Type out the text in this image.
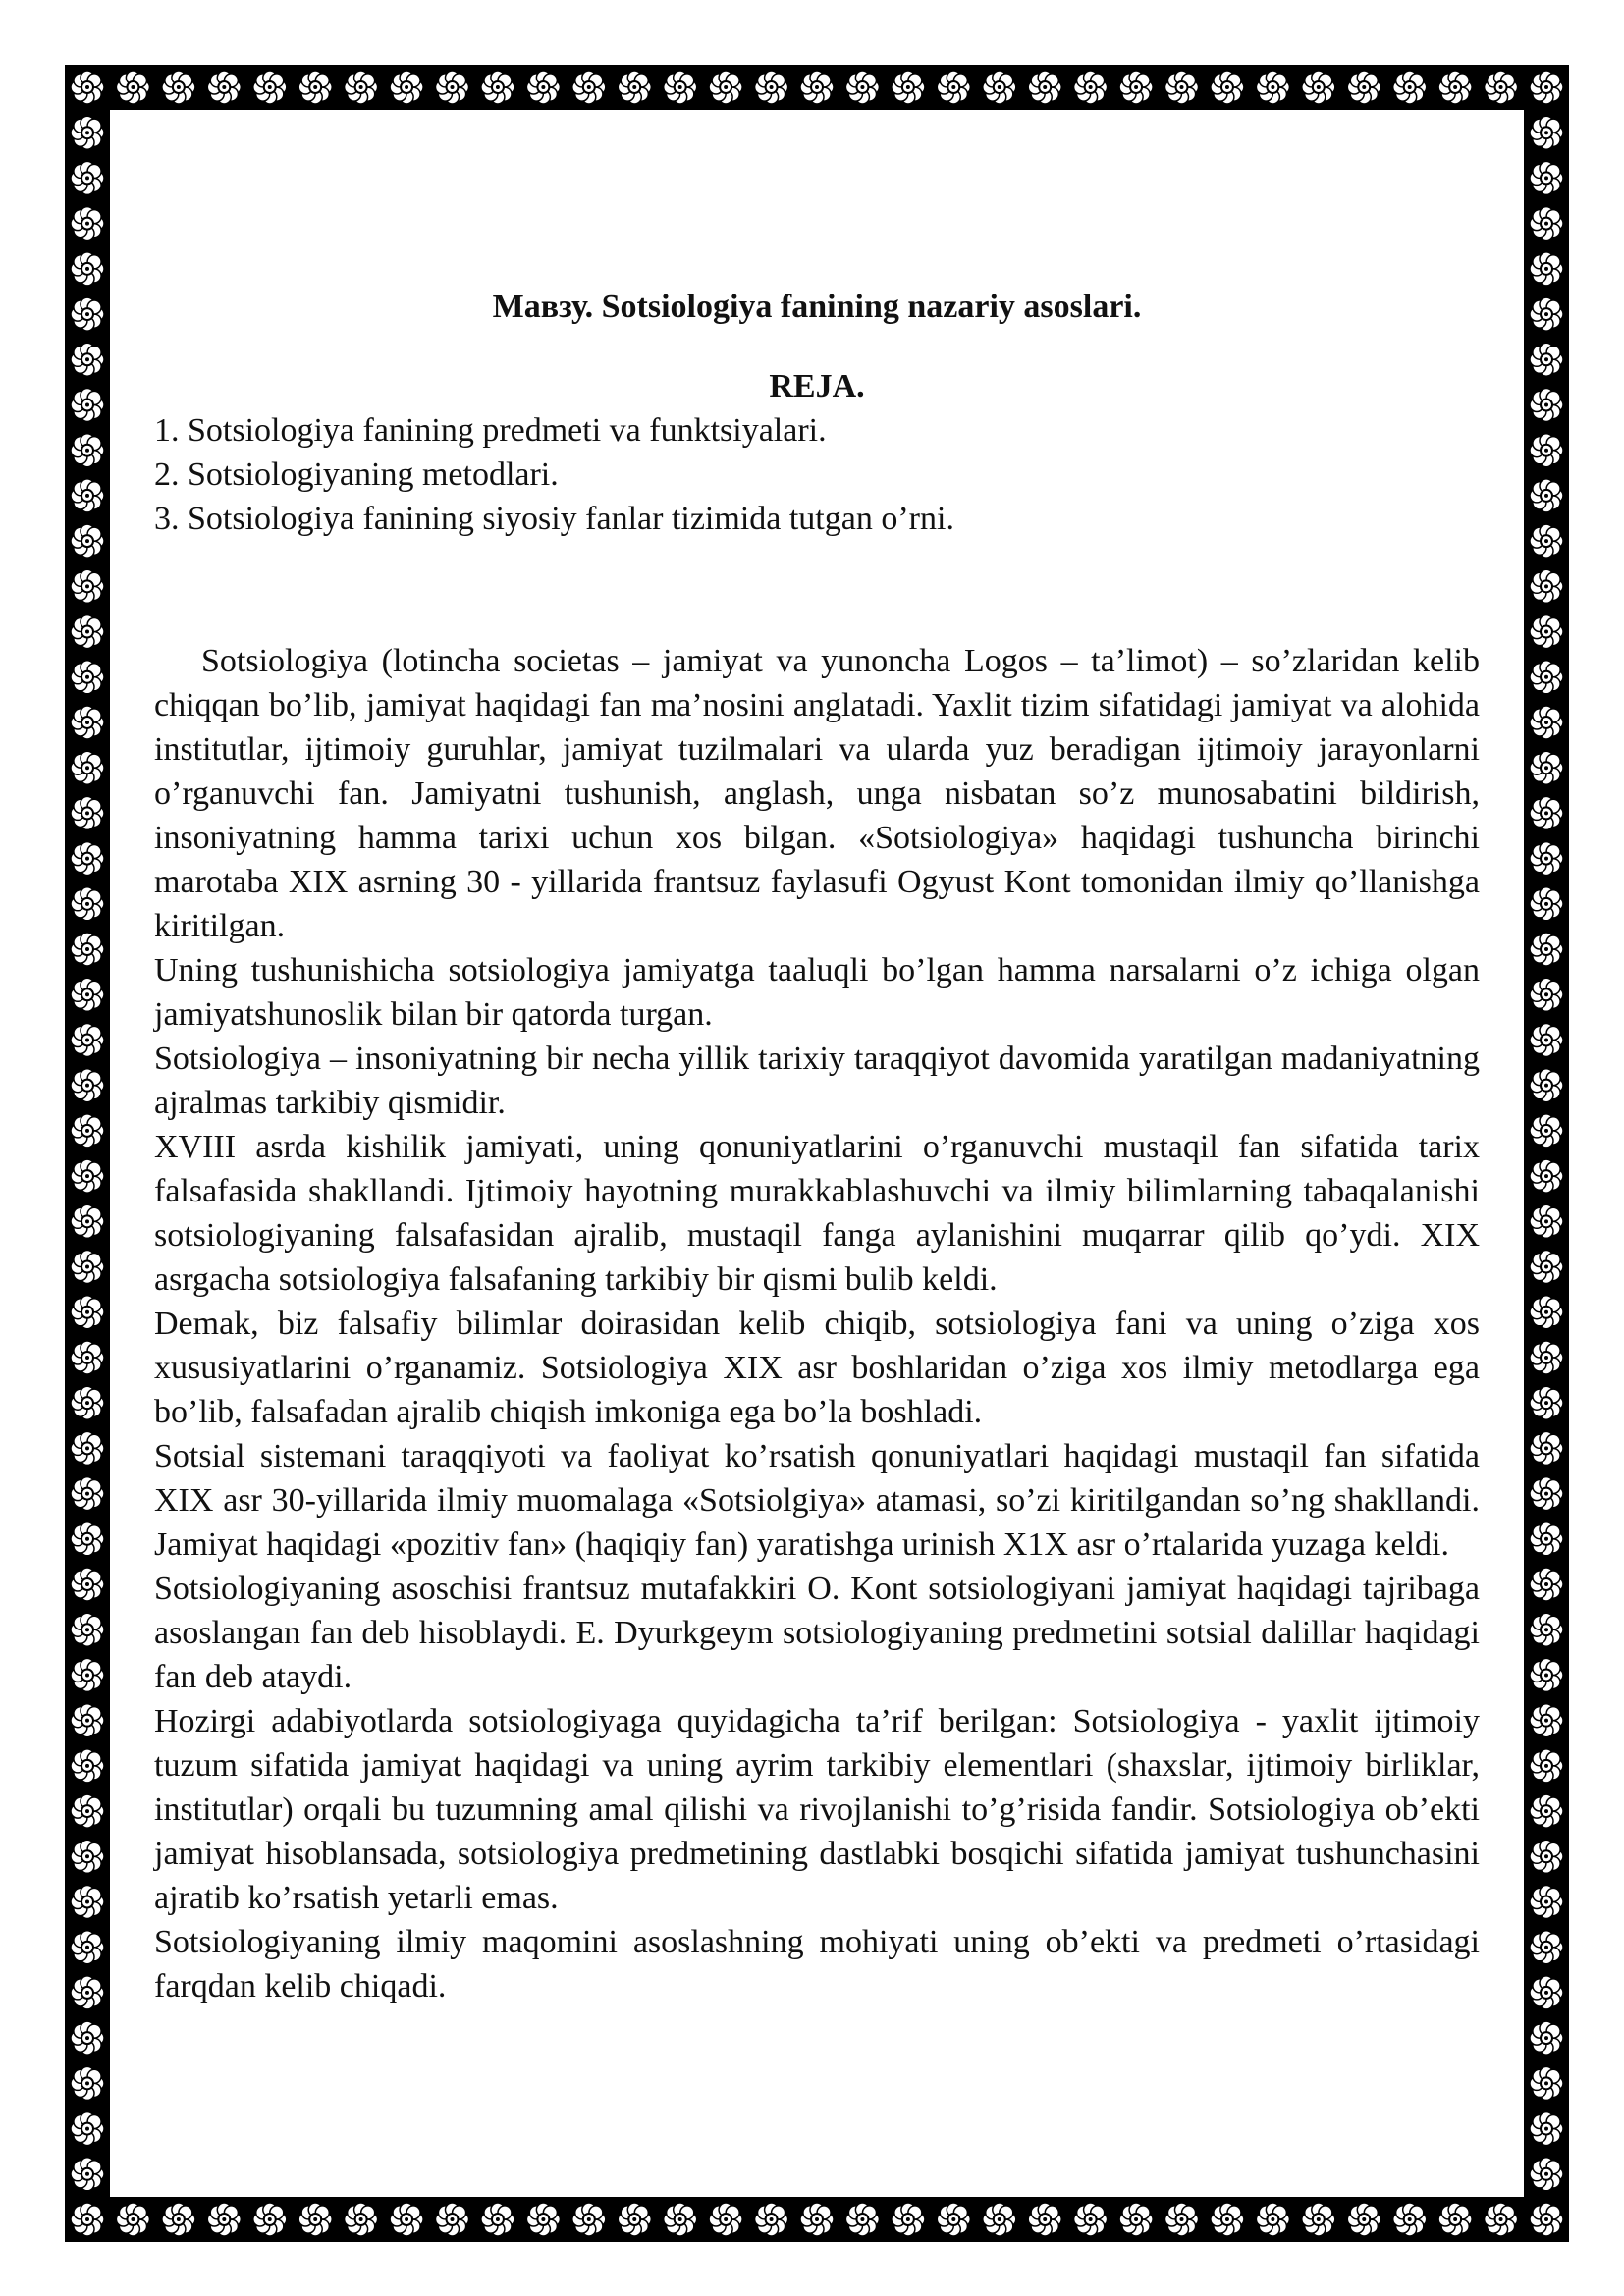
Мавзу. Sotsiologiya fanining nazariy asoslari.

REJA.

1. Sotsiologiya fanining predmeti va funktsiyalari.
2. Sotsiologiyaning metodlari.
3. Sotsiologiya fanining siyosiy fanlar tizimida tutgan o’rni.

Sotsiologiya (lotincha societas – jamiyat va yunoncha Logos – ta’limot) – so’zlaridan kelib chiqqan bo’lib, jamiyat haqidagi fan ma’nosini anglatadi. Yaxlit tizim sifatidagi jamiyat va alohida institutlar, ijtimoiy guruhlar, jamiyat tuzilmalari va ularda yuz beradigan ijtimoiy jarayonlarni o’rganuvchi fan. Jamiyatni tushunish, anglash, unga nisbatan so’z munosabatini bildirish, insoniyatning hamma tarixi uchun xos bilgan. «Sotsiologiya» haqidagi tushuncha birinchi marotaba XIX asrning 30 - yillarida frantsuz faylasufi Ogyust Kont tomonidan ilmiy qo’llanishga kiritilgan.

Uning tushunishicha sotsiologiya jamiyatga taaluqli bo’lgan hamma narsalarni o’z ichiga olgan jamiyatshunoslik bilan bir qatorda turgan.

Sotsiologiya – insoniyatning bir necha yillik tarixiy taraqqiyot davomida yaratilgan madaniyatning ajralmas tarkibiy qismidir.

XVIII asrda kishilik jamiyati, uning qonuniyatlarini o’rganuvchi mustaqil fan sifatida tarix falsafasida shakllandi. Ijtimoiy hayotning murakkablashuvchi va ilmiy bilimlarning tabaqalanishi sotsiologiyaning falsafasidan ajralib, mustaqil fanga aylanishini muqarrar qilib qo’ydi. XIX asrgacha sotsiologiya falsafaning tarkibiy bir qismi bulib keldi.

Demak, biz falsafiy bilimlar doirasidan kelib chiqib, sotsiologiya fani va uning o’ziga xos xususiyatlarini o’rganamiz. Sotsiologiya XIX asr boshlaridan o’ziga xos ilmiy metodlarga ega bo’lib, falsafadan ajralib chiqish imkoniga ega bo’la boshladi.

Sotsial sistemani taraqqiyoti va faoliyat ko’rsatish qonuniyatlari haqidagi mustaqil fan sifatida XIX asr 30-yillarida ilmiy muomalaga «Sotsiolgiya» atamasi, so’zi kiritilgandan so’ng shakllandi. Jamiyat haqidagi «pozitiv fan» (haqiqiy fan) yaratishga urinish X1X asr o’rtalarida yuzaga keldi.

Sotsiologiyaning asoschisi frantsuz mutafakkiri O. Kont sotsiologiyani jamiyat haqidagi tajribaga asoslangan fan deb hisoblaydi. E. Dyurkgeym sotsiologiyaning predmetini sotsial dalillar haqidagi fan deb ataydi.

Hozirgi adabiyotlarda sotsiologiyaga quyidagicha ta’rif berilgan: Sotsiologiya - yaxlit ijtimoiy tuzum sifatida jamiyat haqidagi va uning ayrim tarkibiy elementlari (shaxslar, ijtimoiy birliklar, institutlar) orqali bu tuzumning amal qilishi va rivojlanishi to’g’risida fandir. Sotsiologiya ob’ekti jamiyat hisoblansada, sotsiologiya predmetining dastlabki bosqichi sifatida jamiyat tushunchasini ajratib ko’rsatish yetarli emas.

Sotsiologiyaning ilmiy maqomini asoslashning mohiyati uning ob’ekti va predmeti o’rtasidagi farqdan kelib chiqadi.
